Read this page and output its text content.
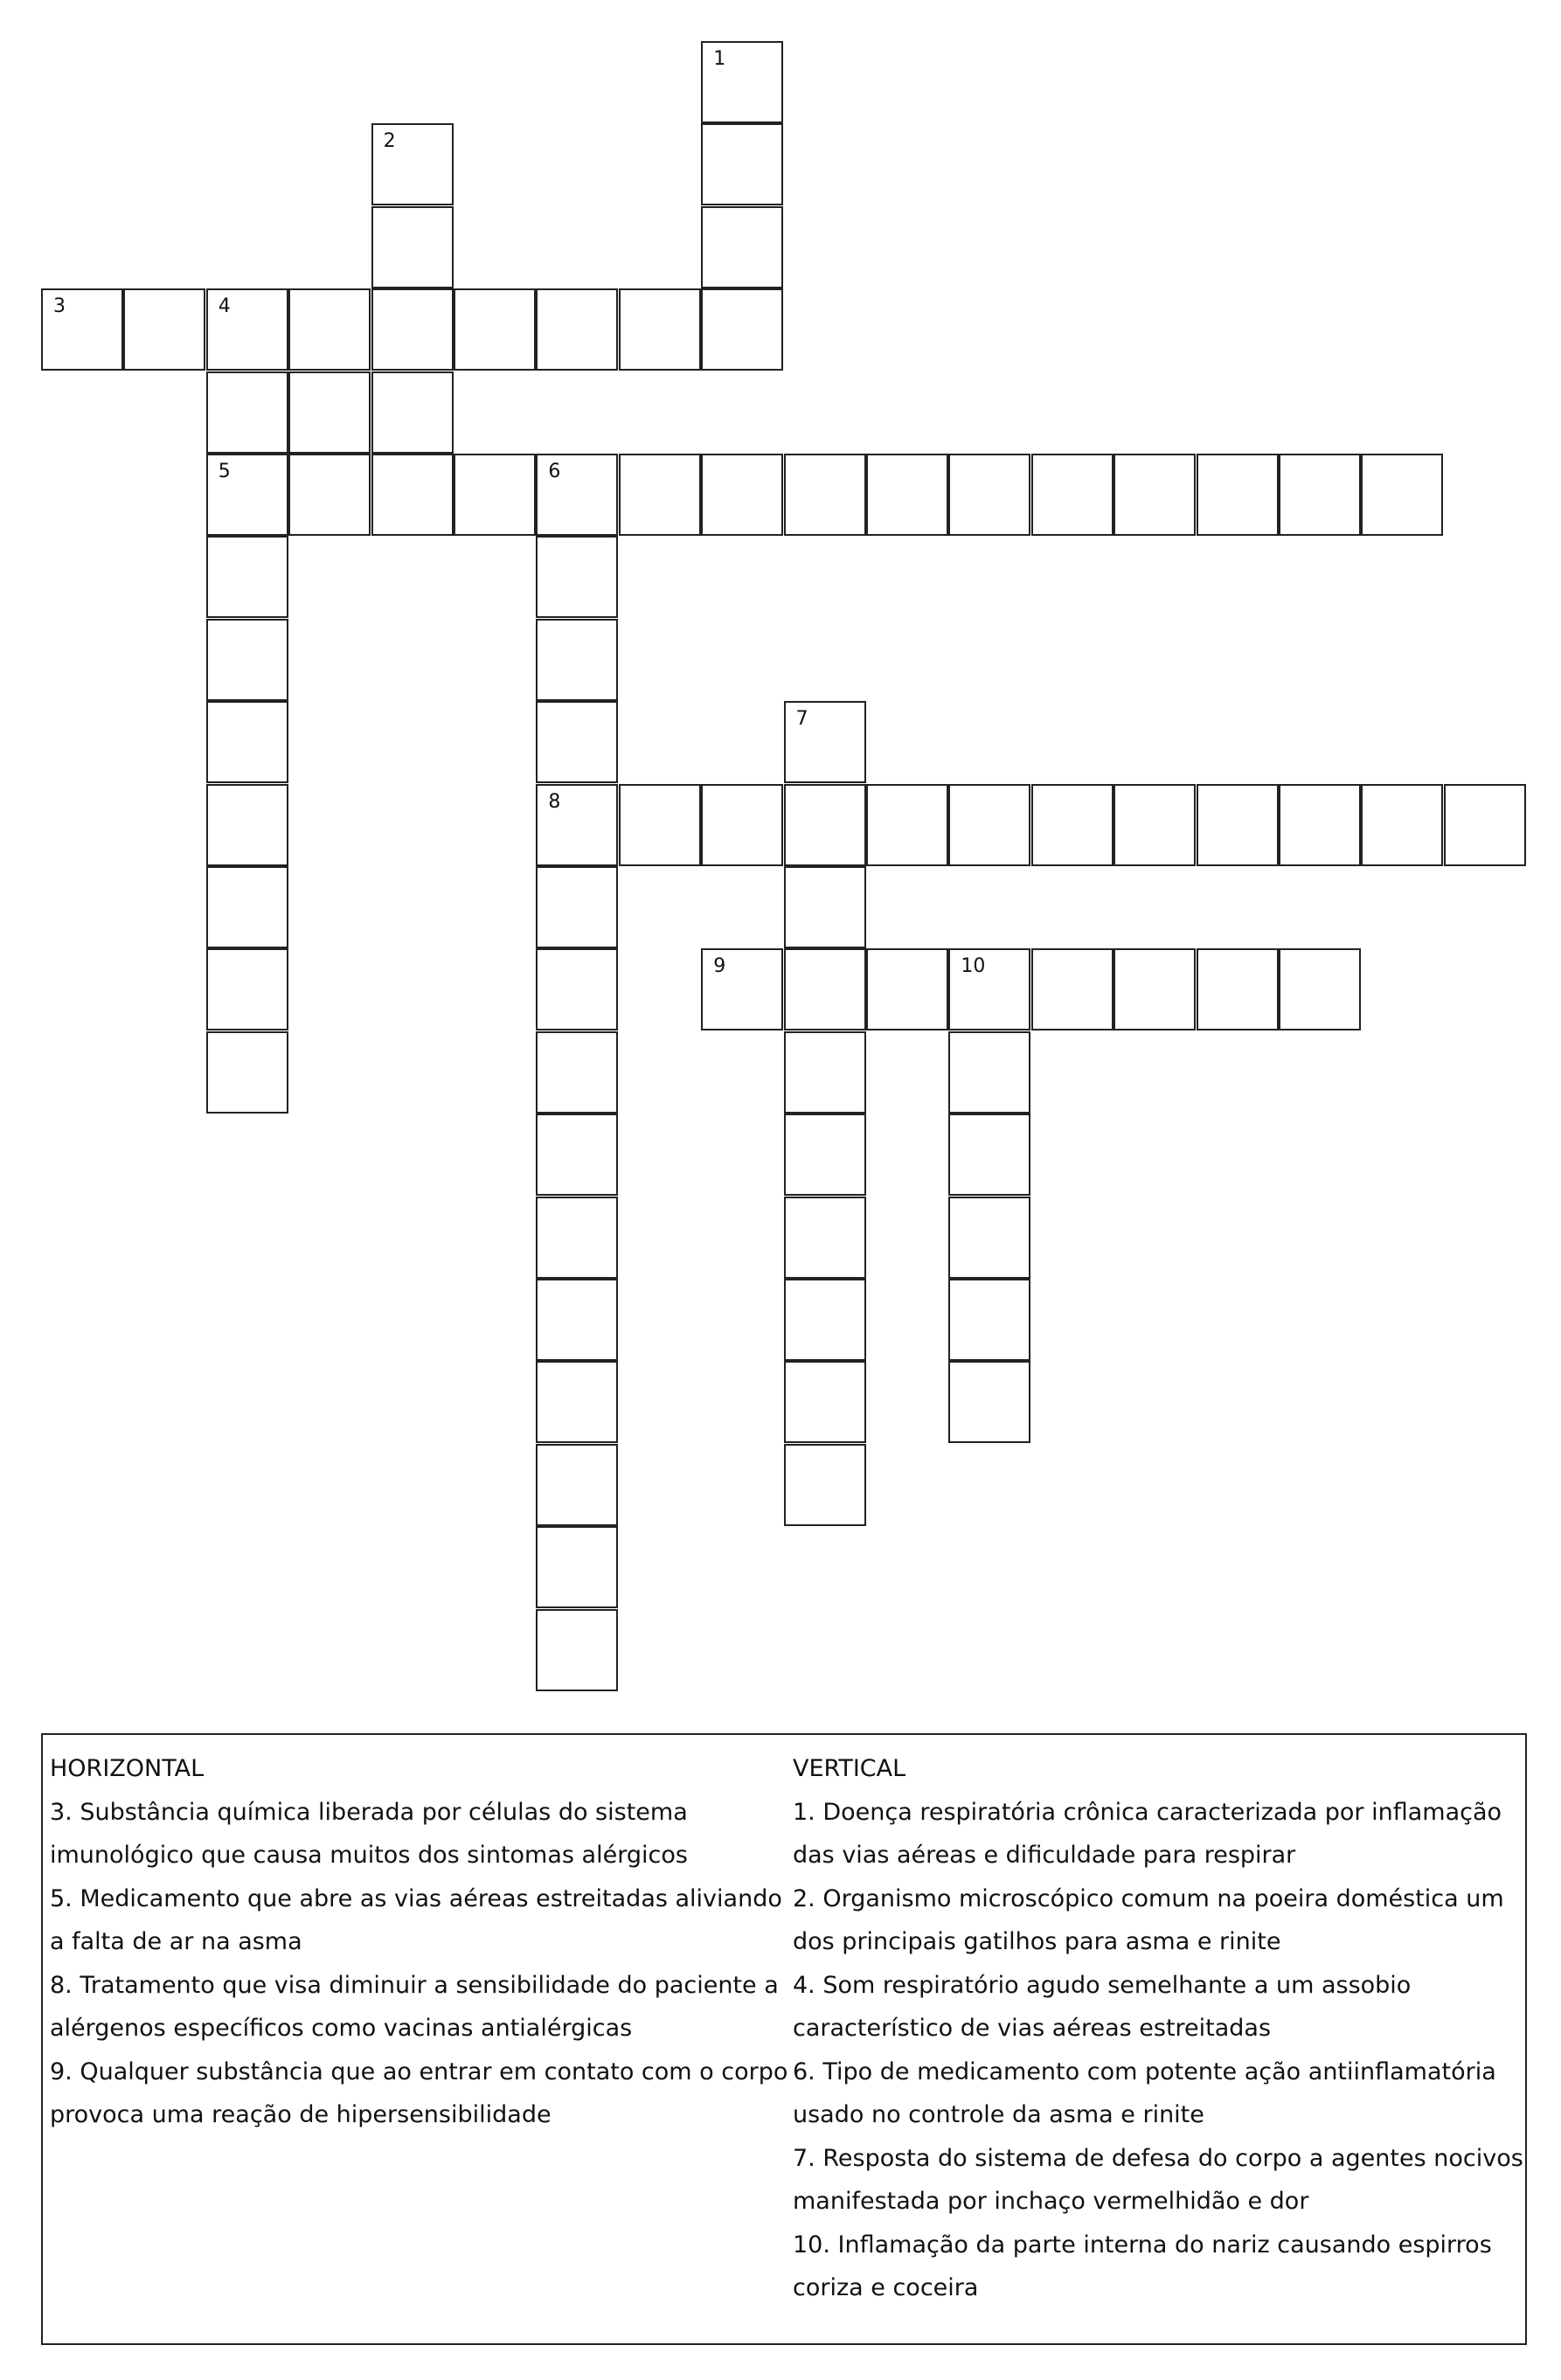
1
2
3	4
5	6
8
7
9	10
HORIZONTAL
3. Substância química liberada por células do sistema
imunológico que causa muitos dos sintomas alérgicos
5. Medicamento que abre as vias aéreas estreitadas aliviando
a falta de ar na asma
8. Tratamento que visa diminuir a sensibilidade do paciente a
alérgenos específicos como vacinas antialérgicas
9. Qualquer substância que ao entrar em contato com o corpo
provoca uma reação de hipersensibilidade
VERTICAL
1. Doença respiratória crônica caracterizada por inflamação
das vias aéreas e dificuldade para respirar
2. Organismo microscópico comum na poeira doméstica um
dos principais gatilhos para asma e rinite
4. Som respiratório agudo semelhante a um assobio
característico de vias aéreas estreitadas
6. Tipo de medicamento com potente ação antiinflamatória
usado no controle da asma e rinite
7. Resposta do sistema de defesa do corpo a agentes nocivos
manifestada por inchaço vermelhidão e dor
10. Inflamação da parte interna do nariz causando espirros
coriza e coceira
